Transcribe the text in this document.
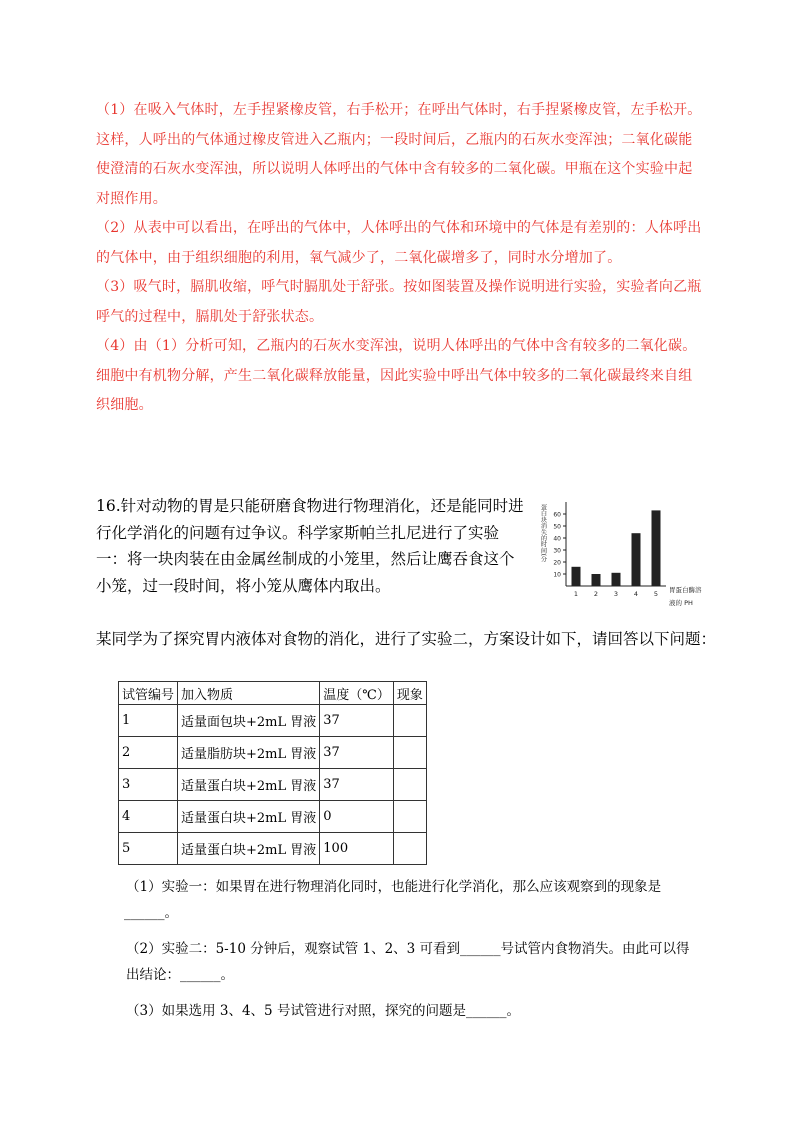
（1）在吸入气体时，左手捏紧橡皮管，右手松开；在呼出气体时，右手捏紧橡皮管，左手松开。这样，人呼出的气体通过橡皮管进入乙瓶内；一段时间后，乙瓶内的石灰水变浑浊；二氧化碳能使澄清的石灰水变浑浊，所以说明人体呼出的气体中含有较多的二氧化碳。甲瓶在这个实验中起对照作用。

（2）从表中可以看出，在呼出的气体中，人体呼出的气体和环境中的气体是有差别的：人体呼出的气体中，由于组织细胞的利用，氧气减少了，二氧化碳增多了，同时水分增加了。

（3）吸气时，膈肌收缩，呼气时膈肌处于舒张。按如图装置及操作说明进行实验，实验者向乙瓶呼气的过程中，膈肌处于舒张状态。

（4）由（1）分析可知，乙瓶内的石灰水变浑浊，说明人体呼出的气体中含有较多的二氧化碳。细胞中有机物分解，产生二氧化碳释放能量，因此实验中呼出气体中较多的二氧化碳最终来自组织细胞。

16.针对动物的胃是只能研磨食物进行物理消化，还是能同时进行化学消化的问题有过争议。科学家斯帕兰扎尼进行了实验一：将一块肉装在由金属丝制成的小笼里，然后让鹰吞食这个小笼，过一段时间，将小笼从鹰体内取出。

10
20
30
40
50
60
蛋白块消失的时间(分
1 2 3 4 5 胃蛋白酶溶
液的 PH

某同学为了探究胃内液体对食物的消化，进行了实验二，方案设计如下，请回答以下问题：

试管编号	加入物质	温度（℃）	现象
1	适量面包块+2mL 胃液	37	
2	适量脂肪块+2mL 胃液	37	
3	适量蛋白块+2mL 胃液	37	
4	适量蛋白块+2mL 胃液	0	
5	适量蛋白块+2mL 胃液	100	

（1）实验一：如果胃在进行物理消化同时，也能进行化学消化，那么应该观察到的现象是

______。

（2）实验二：5-10 分钟后，观察试管 1、2、3 可看到______号试管内食物消失。由此可以得

出结论：______。

（3）如果选用 3、4、5 号试管进行对照，探究的问题是______。
